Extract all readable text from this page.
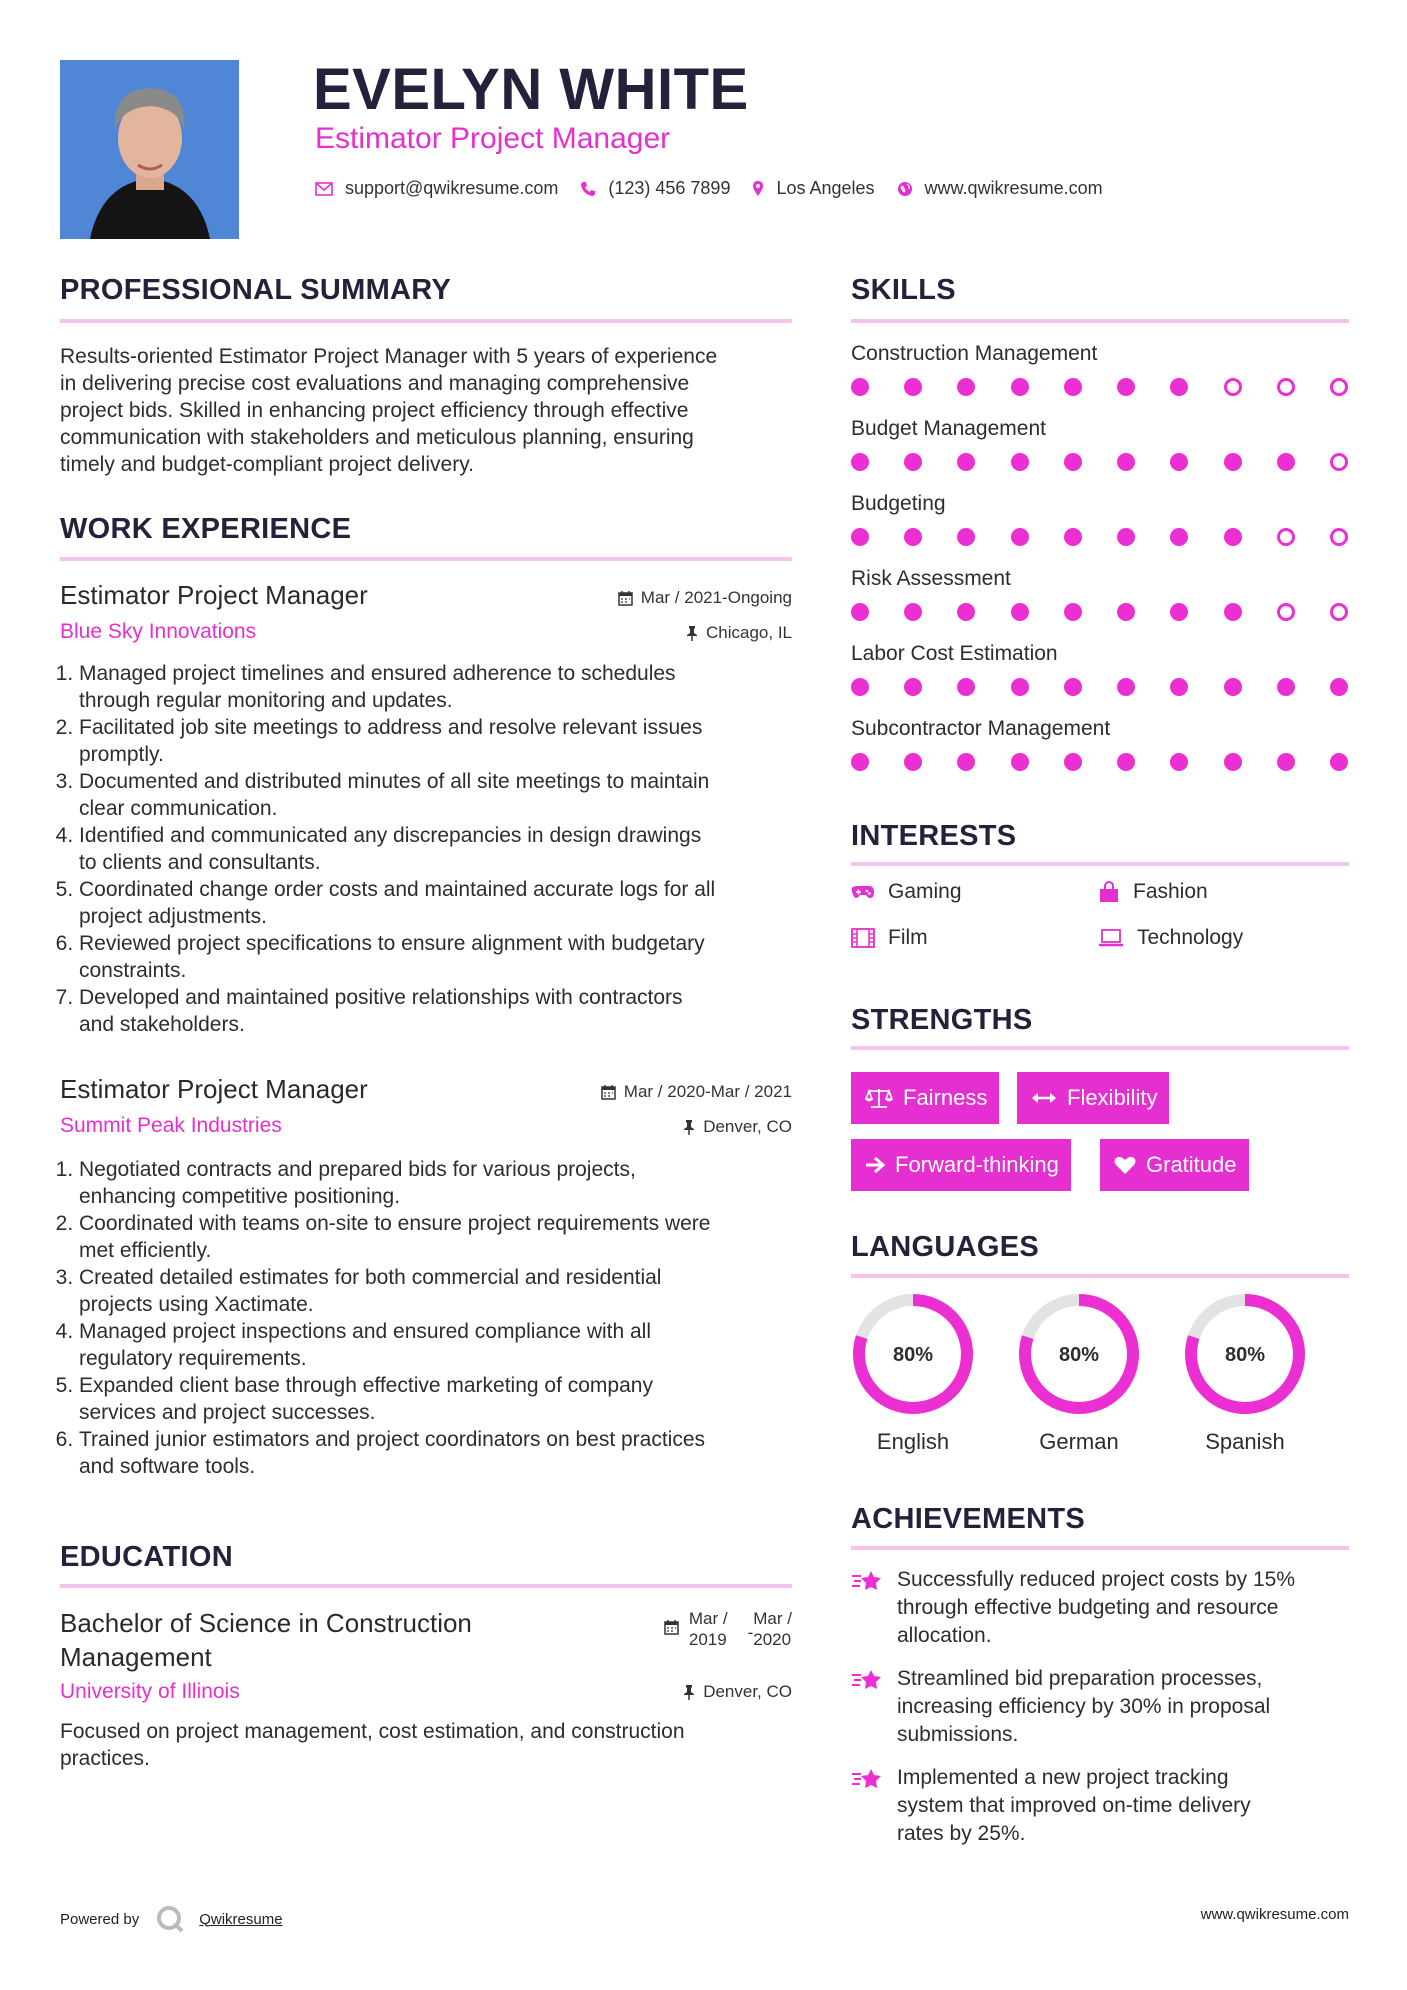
EVELYN WHITE
Estimator Project Manager
support@qwikresume.com	(123) 456 7899	Los Angeles	www.qwikresume.com
PROFESSIONAL SUMMARY
Results-oriented Estimator Project Manager with 5 years of experience
in delivering precise cost evaluations and managing comprehensive
project bids. Skilled in enhancing project efficiency through effective
communication with stakeholders and meticulous planning, ensuring
timely and budget-compliant project delivery.
WORK EXPERIENCE
Estimator Project Manager
Blue Sky Innovations
Mar / 2021-Ongoing
Chicago, IL
1. Managed project timelines and ensured adherence to schedules
through regular monitoring and updates.
2. Facilitated job site meetings to address and resolve relevant issues
promptly.
3. Documented and distributed minutes of all site meetings to maintain
clear communication.
4. Identified and communicated any discrepancies in design drawings
to clients and consultants.
5. Coordinated change order costs and maintained accurate logs for all
project adjustments.
6. Reviewed project specifications to ensure alignment with budgetary
constraints.
7. Developed and maintained positive relationships with contractors
and stakeholders.
Estimator Project Manager
Summit Peak Industries
Mar / 2020-Mar / 2021
Denver, CO
1. Negotiated contracts and prepared bids for various projects,
enhancing competitive positioning.
2. Coordinated with teams on-site to ensure project requirements were
met efficiently.
3. Created detailed estimates for both commercial and residential
projects using Xactimate.
4. Managed project inspections and ensured compliance with all
regulatory requirements.
5. Expanded client base through effective marketing of company
services and project successes.
6. Trained junior estimators and project coordinators on best practices
and software tools.
EDUCATION
Bachelor of Science in Construction
Management
University of Illinois
Mar /
2019 -
Mar /
2020
Denver, CO
Focused on project management, cost estimation, and construction
practices.
SKILLS
Construction Management
Budget Management
Budgeting
Risk Assessment
Labor Cost Estimation
Subcontractor Management
INTERESTS
Gaming	Fashion
Film	Technology
STRENGTHS
Fairness	Flexibility
Forward-thinking	Gratitude
LANGUAGES
80%
English
80%
German
80%
Spanish
ACHIEVEMENTS
Successfully reduced project costs by 15%
through effective budgeting and resource
allocation.
Streamlined bid preparation processes,
increasing efficiency by 30% in proposal
submissions.
Implemented a new project tracking
system that improved on-time delivery
rates by 25%.
Powered by	Qwikresume	www.qwikresume.com
